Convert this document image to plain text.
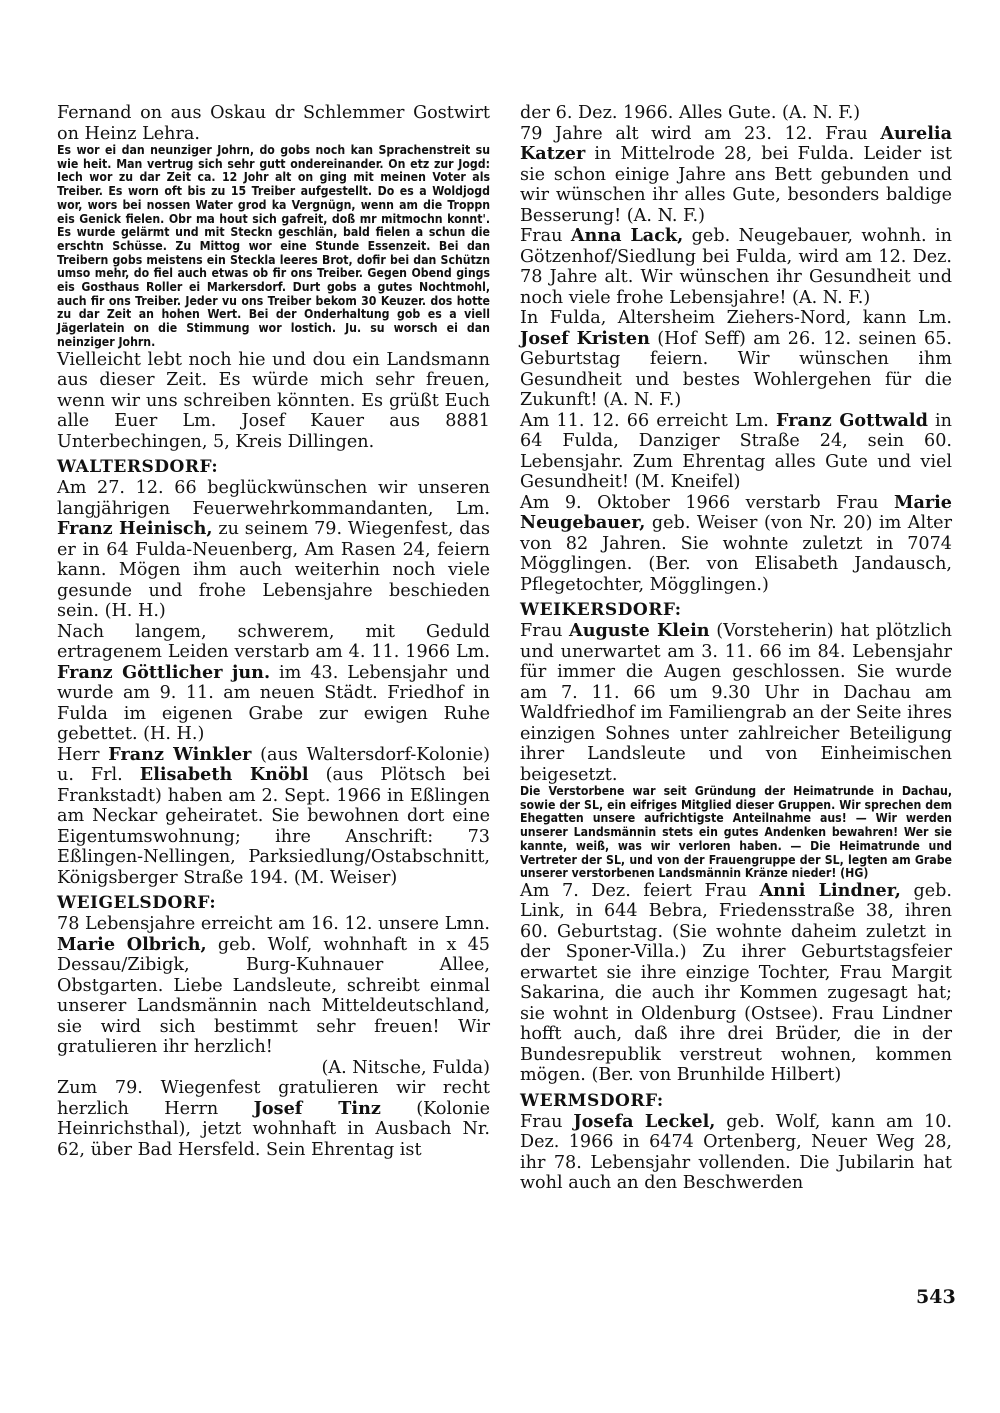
Fernand on aus Oskau dr Schlemmer Gostwirt on Heinz Lehra.

Es wor ei dan neunziger Johrn, do gobs noch kan Sprachenstreit su wie heit. Man vertrug sich sehr gutt ondereinander. On etz zur Jogd: Iech wor zu dar Zeit ca. 12 Johr alt on ging mit meinen Voter als Treiber. Es worn oft bis zu 15 Treiber aufgestellt. Do es a Woldjogd wor, wors bei nossen Water grod ka Vergnügn, wenn am die Troppn eis Genick fielen. Obr ma hout sich gafreit, doß mr mitmochn konnt'. Es wurde gelärmt und mit Steckn geschlän, bald fielen a schun die erschtn Schüsse. Zu Mittog wor eine Stunde Essenzeit. Bei dan Treibern gobs meistens ein Steckla leeres Brot, dofir bei dan Schützn umso mehr, do fiel auch etwas ob fir ons Treiber. Gegen Obend gings eis Gosthaus Roller ei Markersdorf. Durt gobs a gutes Nochtmohl, auch fir ons Treiber. Jeder vu ons Treiber bekom 30 Keuzer. dos hotte zu dar Zeit an hohen Wert. Bei der Onderhaltung gob es a viell Jägerlatein on die Stimmung wor lostich. Ju. su worsch ei dan neinziger Johrn.

Vielleicht lebt noch hie und dou ein Landsmann aus dieser Zeit. Es würde mich sehr freuen, wenn wir uns schreiben könnten. Es grüßt Euch alle Euer Lm. Josef Kauer aus 8881 Unterbechingen, 5, Kreis Dillingen.

WALTERSDORF:

Am 27. 12. 66 beglückwünschen wir unseren langjährigen Feuerwehrkommandanten, Lm. Franz Heinisch, zu seinem 79. Wiegenfest, das er in 64 Fulda-Neuenberg, Am Rasen 24, feiern kann. Mögen ihm auch weiterhin noch viele gesunde und frohe Lebensjahre beschieden sein. (H. H.)

Nach langem, schwerem, mit Geduld ertragenem Leiden verstarb am 4. 11. 1966 Lm. Franz Göttlicher jun. im 43. Lebensjahr und wurde am 9. 11. am neuen Städt. Friedhof in Fulda im eigenen Grabe zur ewigen Ruhe gebettet. (H. H.)

Herr Franz Winkler (aus Waltersdorf-Kolonie) u. Frl. Elisabeth Knöbl (aus Plötsch bei Frankstadt) haben am 2. Sept. 1966 in Eßlingen am Neckar geheiratet. Sie bewohnen dort eine Eigentumswohnung; ihre Anschrift: 73 Eßlingen-Nellingen, Parksiedlung/Ostabschnitt, Königsberger Straße 194. (M. Weiser)

WEIGELSDORF:

78 Lebensjahre erreicht am 16. 12. unsere Lmn. Marie Olbrich, geb. Wolf, wohnhaft in x 45 Dessau/Zibigk, Burg-Kuhnauer Allee, Obstgarten. Liebe Landsleute, schreibt einmal unserer Landsmännin nach Mitteldeutschland, sie wird sich bestimmt sehr freuen! Wir gratulieren ihr herzlich!
(A. Nitsche, Fulda)

Zum 79. Wiegenfest gratulieren wir recht herzlich Herrn Josef Tinz (Kolonie Heinrichsthal), jetzt wohnhaft in Ausbach Nr. 62, über Bad Hersfeld. Sein Ehrentag ist

der 6. Dez. 1966. Alles Gute. (A. N. F.)

79 Jahre alt wird am 23. 12. Frau Aurelia Katzer in Mittelrode 28, bei Fulda. Leider ist sie schon einige Jahre ans Bett gebunden und wir wünschen ihr alles Gute, besonders baldige Besserung! (A. N. F.)

Frau Anna Lack, geb. Neugebauer, wohnh. in Götzenhof/Siedlung bei Fulda, wird am 12. Dez. 78 Jahre alt. Wir wünschen ihr Gesundheit und noch viele frohe Lebensjahre! (A. N. F.)

In Fulda, Altersheim Ziehers-Nord, kann Lm. Josef Kristen (Hof Seff) am 26. 12. seinen 65. Geburtstag feiern. Wir wünschen ihm Gesundheit und bestes Wohlergehen für die Zukunft! (A. N. F.)

Am 11. 12. 66 erreicht Lm. Franz Gottwald in 64 Fulda, Danziger Straße 24, sein 60. Lebensjahr. Zum Ehrentag alles Gute und viel Gesundheit! (M. Kneifel)

Am 9. Oktober 1966 verstarb Frau Marie Neugebauer, geb. Weiser (von Nr. 20) im Alter von 82 Jahren. Sie wohnte zuletzt in 7074 Mögglingen. (Ber. von Elisabeth Jandausch, Pflegetochter, Mögglingen.)

WEIKERSDORF:

Frau Auguste Klein (Vorsteherin) hat plötzlich und unerwartet am 3. 11. 66 im 84. Lebensjahr für immer die Augen geschlossen. Sie wurde am 7. 11. 66 um 9.30 Uhr in Dachau am Waldfriedhof im Familiengrab an der Seite ihres einzigen Sohnes unter zahlreicher Beteiligung ihrer Landsleute und von Einheimischen beigesetzt.

Die Verstorbene war seit Gründung der Heimatrunde in Dachau, sowie der SL, ein eifriges Mitglied dieser Gruppen. Wir sprechen dem Ehegatten unsere aufrichtigste Anteilnahme aus! — Wir werden unserer Landsmännin stets ein gutes Andenken bewahren! Wer sie kannte, weiß, was wir verloren haben. — Die Heimatrunde und Vertreter der SL, und von der Frauengruppe der SL, legten am Grabe unserer verstorbenen Landsmännin Kränze nieder! (HG)

Am 7. Dez. feiert Frau Anni Lindner, geb. Link, in 644 Bebra, Friedensstraße 38, ihren 60. Geburtstag. (Sie wohnte daheim zuletzt in der Sponer-Villa.) Zu ihrer Geburtstagsfeier erwartet sie ihre einzige Tochter, Frau Margit Sakarina, die auch ihr Kommen zugesagt hat; sie wohnt in Oldenburg (Ostsee). Frau Lindner hofft auch, daß ihre drei Brüder, die in der Bundesrepublik verstreut wohnen, kommen mögen. (Ber. von Brunhilde Hilbert)

WERMSDORF:

Frau Josefa Leckel, geb. Wolf, kann am 10. Dez. 1966 in 6474 Ortenberg, Neuer Weg 28, ihr 78. Lebensjahr vollenden. Die Jubilarin hat wohl auch an den Beschwerden

543
